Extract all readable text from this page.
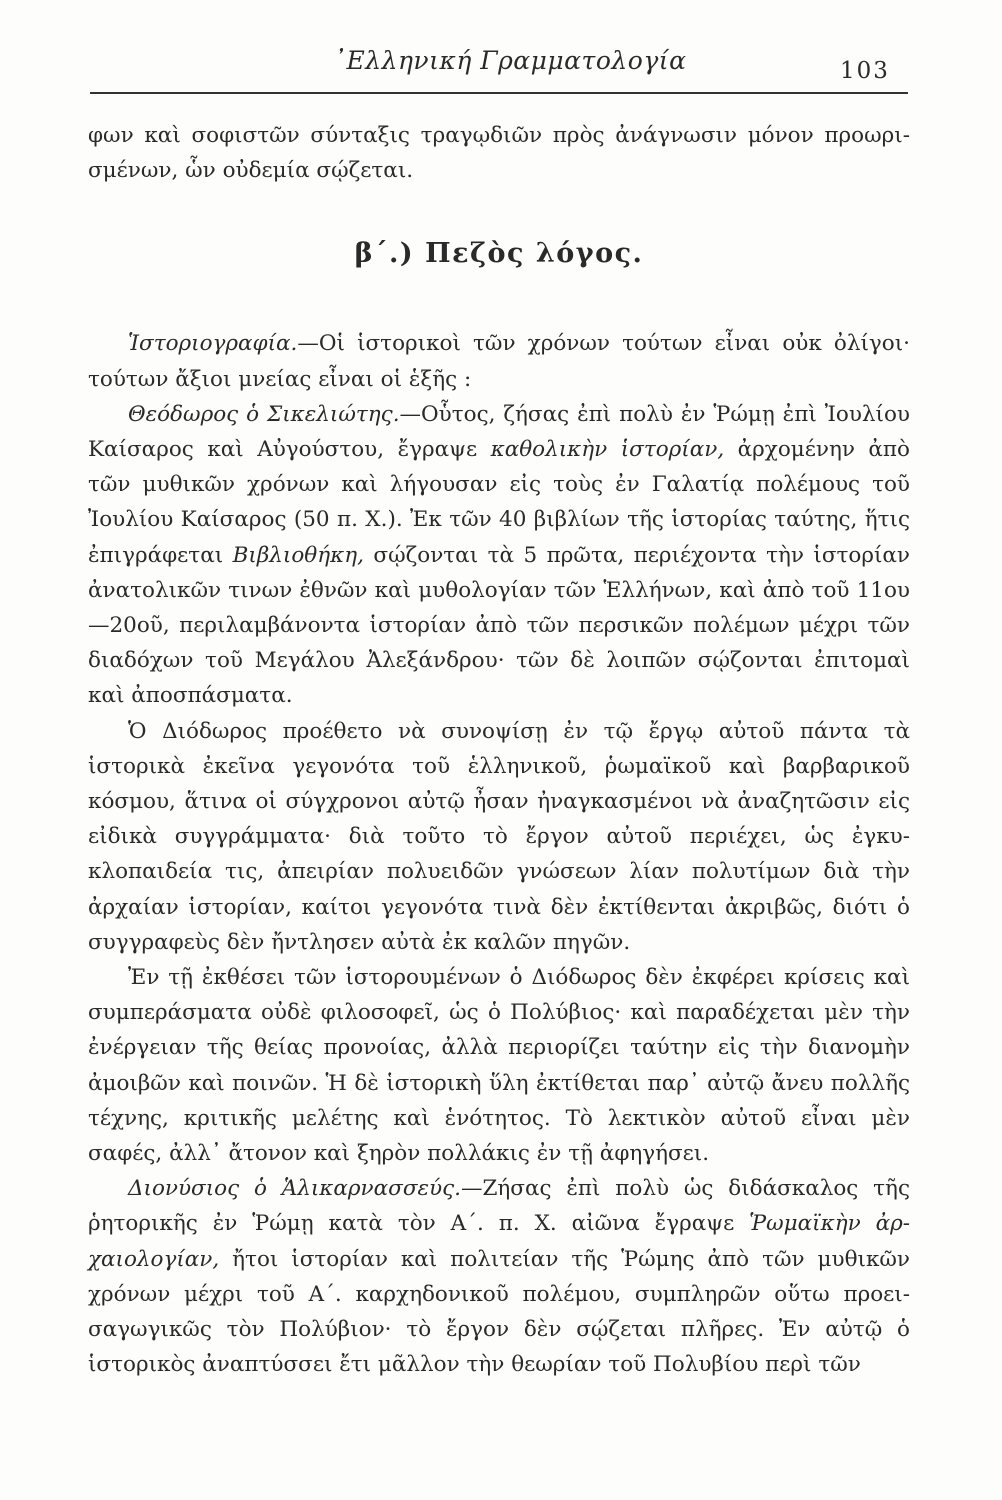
᾿Ελληνική Γραμματολογία	103

φων καὶ σοφιστῶν σύνταξις τραγῳδιῶν πρὸς ἀνάγνωσιν μόνον προωρισμένων, ὧν οὐδεμία σῴζεται.

β΄.) Πεζὸς λόγος.

Ἱστοριογραφία.—Οἱ ἱστορικοὶ τῶν χρόνων τούτων εἶναι οὐκ ὀλίγοι· τούτων ἄξιοι μνείας εἶναι οἱ ἑξῆς :

Θεόδωρος ὁ Σικελιώτης.—Οὗτος, ζήσας ἐπὶ πολὺ ἐν Ῥώμῃ ἐπὶ Ἰουλίου Καίσαρος καὶ Αὐγούστου, ἔγραψε καθολικὴν ἱστορίαν, ἀρχομένην ἀπὸ τῶν μυθικῶν χρόνων καὶ λήγουσαν εἰς τοὺς ἐν Γαλατίᾳ πολέμους τοῦ Ἰουλίου Καίσαρος (50 π. Χ.). Ἐκ τῶν 40 βιβλίων τῆς ἱστορίας ταύτης, ἥτις ἐπιγράφεται Βιβλιοθήκη, σῴζονται τὰ 5 πρῶτα, περιέχοντα τὴν ἱστορίαν ἀνατολικῶν τινων ἐθνῶν καὶ μυθολογίαν τῶν Ἑλλήνων, καὶ ἀπὸ τοῦ 11ου—20οῦ, περιλαμβάνοντα ἱστορίαν ἀπὸ τῶν περσικῶν πολέμων μέχρι τῶν διαδόχων τοῦ Μεγάλου Ἀλεξάνδρου· τῶν δὲ λοιπῶν σῴζονται ἐπιτομαὶ καὶ ἀποσπάσματα.

Ὁ Διόδωρος προέθετο νὰ συνοψίσῃ ἐν τῷ ἔργῳ αὐτοῦ πάντα τὰ ἱστορικὰ ἐκεῖνα γεγονότα τοῦ ἑλληνικοῦ, ῥωμαϊκοῦ καὶ βαρβαρικοῦ κόσμου, ἅτινα οἱ σύγχρονοι αὐτῷ ἦσαν ἠναγκασμένοι νὰ ἀναζητῶσιν εἰς εἰδικὰ συγγράμματα· διὰ τοῦτο τὸ ἔργον αὐτοῦ περιέχει, ὡς ἐγκυκλοπαιδεία τις, ἀπειρίαν πολυειδῶν γνώσεων λίαν πολυτίμων διὰ τὴν ἀρχαίαν ἱστορίαν, καίτοι γεγονότα τινὰ δὲν ἐκτίθενται ἀκριβῶς, διότι ὁ συγγραφεὺς δὲν ἤντλησεν αὐτὰ ἐκ καλῶν πηγῶν.

Ἐν τῇ ἐκθέσει τῶν ἱστορουμένων ὁ Διόδωρος δὲν ἐκφέρει κρίσεις καὶ συμπεράσματα οὐδὲ φιλοσοφεῖ, ὡς ὁ Πολύβιος· καὶ παραδέχεται μὲν τὴν ἐνέργειαν τῆς θείας προνοίας, ἀλλὰ περιορίζει ταύτην εἰς τὴν διανομὴν ἀμοιβῶν καὶ ποινῶν. Ἡ δὲ ἱστορικὴ ὕλη ἐκτίθεται παρ᾿ αὐτῷ ἄνευ πολλῆς τέχνης, κριτικῆς μελέτης καὶ ἑνότητος. Τὸ λεκτικὸν αὐτοῦ εἶναι μὲν σαφές, ἀλλ᾿ ἄτονον καὶ ξηρὸν πολλάκις ἐν τῇ ἀφηγήσει.

Διονύσιος ὁ Ἁλικαρνασσεύς.—Ζήσας ἐπὶ πολὺ ὡς διδάσκαλος τῆς ῥητορικῆς ἐν Ῥώμῃ κατὰ τὸν Α΄. π. Χ. αἰῶνα ἔγραψε Ῥωμαϊκὴν ἀρχαιολογίαν, ἤτοι ἱστορίαν καὶ πολιτείαν τῆς Ῥώμης ἀπὸ τῶν μυθικῶν χρόνων μέχρι τοῦ Α΄. καρχηδονικοῦ πολέμου, συμπληρῶν οὕτω προεισαγωγικῶς τὸν Πολύβιον· τὸ ἔργον δὲν σῴζεται πλῆρες. Ἐν αὐτῷ ὁ ἱστορικὸς ἀναπτύσσει ἔτι μᾶλλον τὴν θεωρίαν τοῦ Πολυβίου περὶ τῶν
